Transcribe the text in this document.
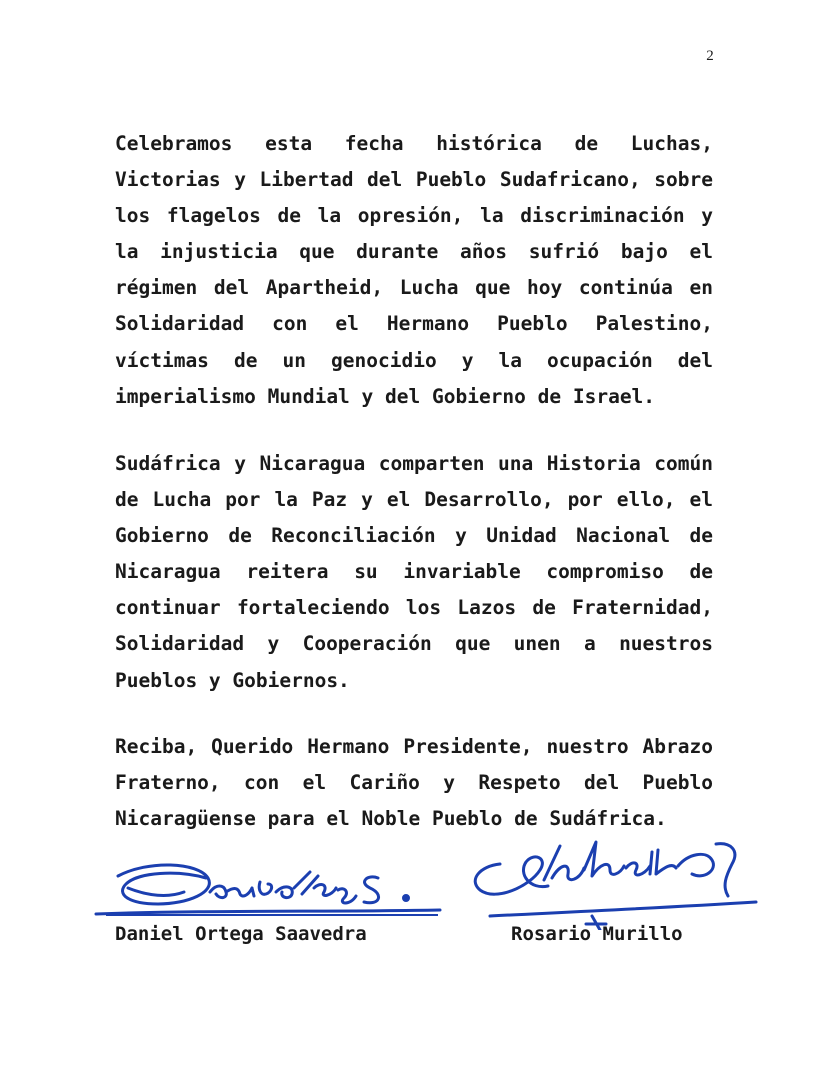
2

Celebramos esta fecha histórica de Luchas, Victorias y Libertad del Pueblo Sudafricano, sobre los flagelos de la opresión, la discriminación y la injusticia que durante años sufrió bajo el régimen del Apartheid, Lucha que hoy continúa en Solidaridad con el Hermano Pueblo Palestino, víctimas de un genocidio y la ocupación del imperialismo Mundial y del Gobierno de Israel.

Sudáfrica y Nicaragua comparten una Historia común de Lucha por la Paz y el Desarrollo, por ello, el Gobierno de Reconciliación y Unidad Nacional de Nicaragua reitera su invariable compromiso de continuar fortaleciendo los Lazos de Fraternidad, Solidaridad y Cooperación que unen a nuestros Pueblos y Gobiernos.

Reciba, Querido Hermano Presidente, nuestro Abrazo Fraterno, con el Cariño y Respeto del Pueblo Nicaragüense para el Noble Pueblo de Sudáfrica.

Daniel Ortega Saavedra	Rosario Murillo
